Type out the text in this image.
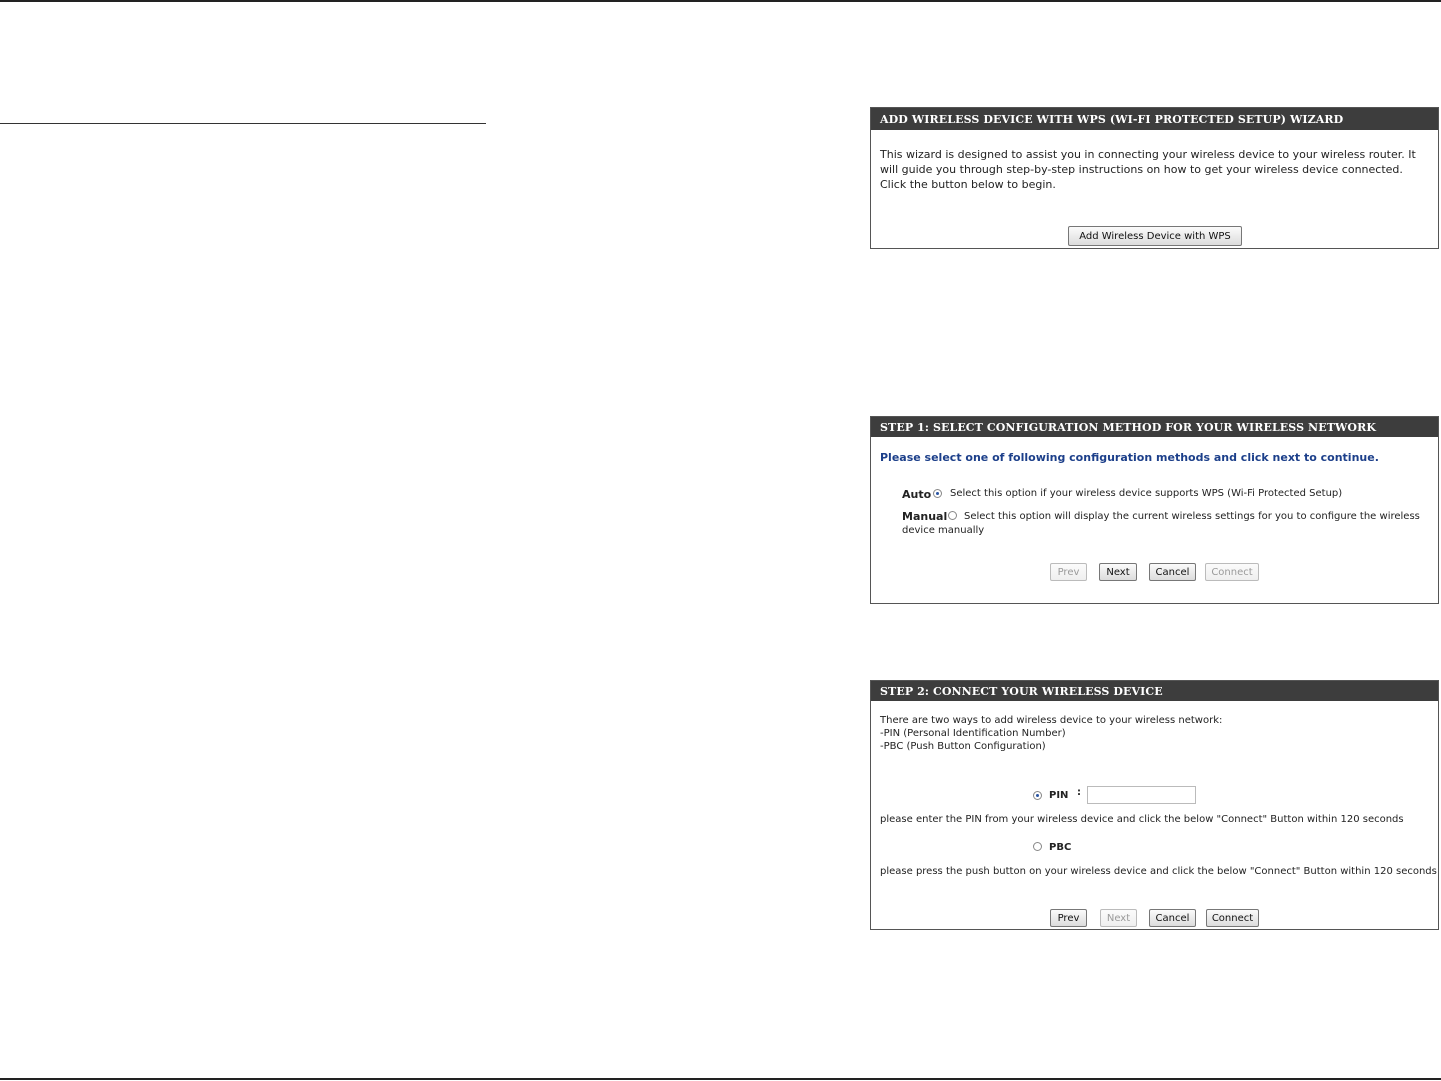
ADD WIRELESS DEVICE WITH WPS (WI-FI PROTECTED SETUP) WIZARD
This wizard is designed to assist you in connecting your wireless device to your wireless router. It will guide you through step-by-step instructions on how to get your wireless device connected. Click the button below to begin.
Add Wireless Device with WPS
STEP 1: SELECT CONFIGURATION METHOD FOR YOUR WIRELESS NETWORK
Please select one of following configuration methods and click next to continue.
Auto Select this option if your wireless device supports WPS (Wi-Fi Protected Setup)
Manual	Select this option will display the current wireless settings for you to configure the wireless device manually
Prev	Next	Cancel	Connect
STEP 2: CONNECT YOUR WIRELESS DEVICE
There are two ways to add wireless device to your wireless network:
-PIN (Personal Identification Number)
-PBC (Push Button Configuration)
PIN :
please enter the PIN from your wireless device and click the below "Connect" Button within 120 seconds
PBC
please press the push button on your wireless device and click the below "Connect" Button within 120 seconds
Prev	Next	Cancel	Connect
